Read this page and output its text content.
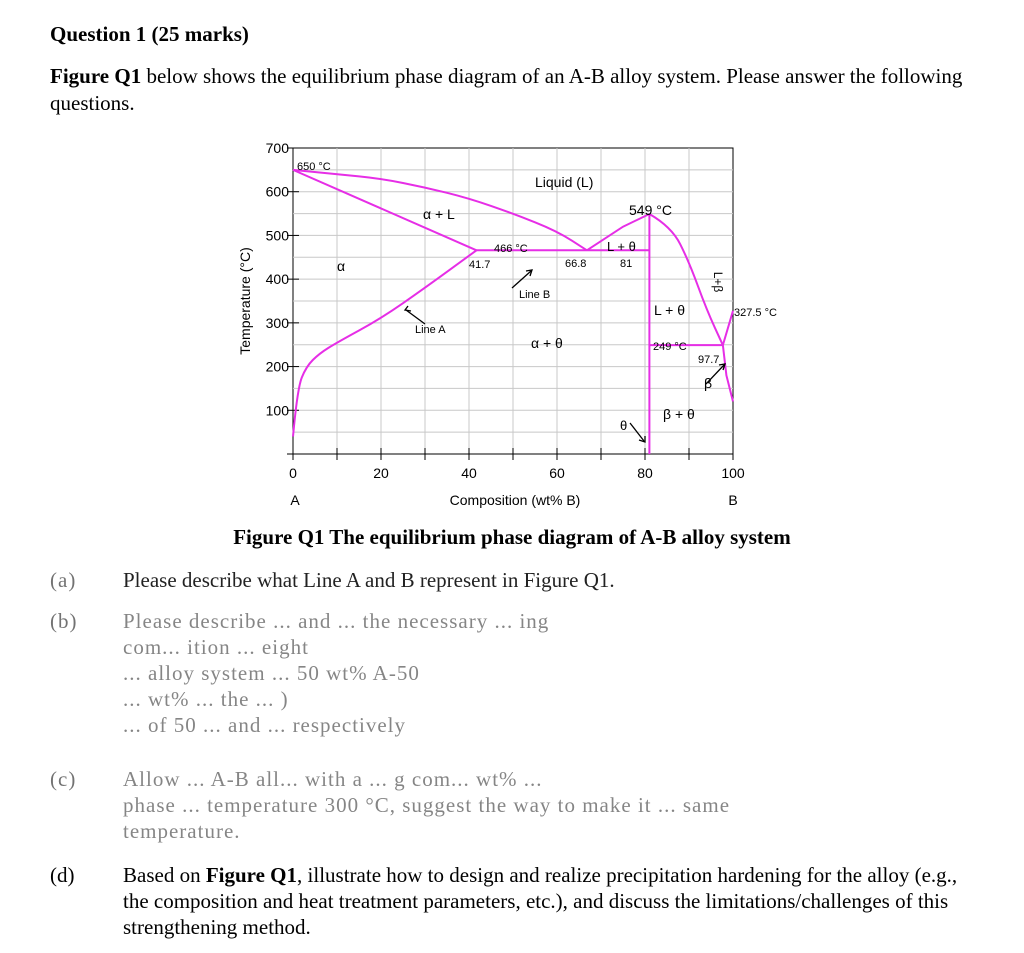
Question 1 (25 marks)
Figure Q1 below shows the equilibrium phase diagram of an A-B alloy system. Please answer the following questions.
100
200
300
400
500
600
700
0	20	40	60	80	100
Temperature (°C)
Composition (wt% B)
A	B
650 °C
Liquid (L)
549 °C
α + L
466 °C	L + θ
α	41.7	66.8	81
Line B
L+β
L + θ	327.5 °C
Line A
α + θ	249 °C
97.7
β
β + θ
θ
Figure Q1 The equilibrium phase diagram of A-B alloy system
(a) Please describe what Line A and B represent in Figure Q1.
(b) Please describe ... and ... the necessary ... ing
com... ition ... eight
... alloy system ... 50 wt% A-50
... wt% ... the ... )
... of 50 ... and ... respectively
(c) Allow ... A-B all... with a ... g com... wt% ...
phase ... temperature 300 °C, suggest the way to make it ... same
temperature.
(d) Based on Figure Q1, illustrate how to design and realize precipitation hardening for the alloy (e.g., the composition and heat treatment parameters, etc.), and discuss the limitations/challenges of this strengthening method.
